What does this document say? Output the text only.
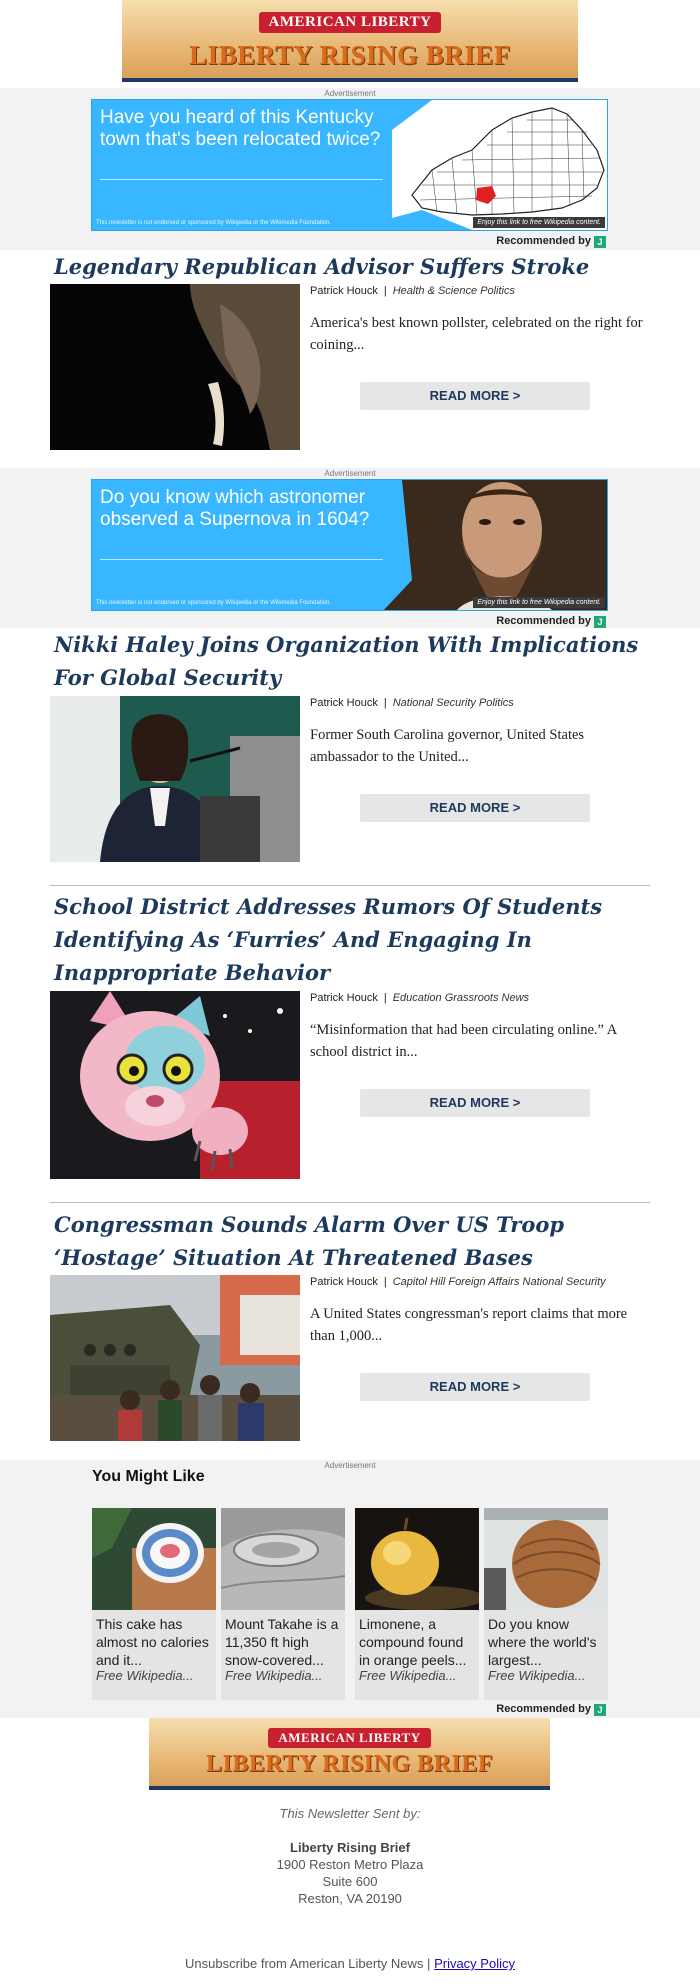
AMERICAN LIBERTY
LIBERTY RISING BRIEF
Advertisement
Have you heard of this Kentucky town that's been relocated twice?
This newsletter is not endorsed or sponsored by Wikipedia or the Wikimedia Foundation.	Enjoy this link to free Wikipedia content.
Recommended by J
Legendary Republican Advisor Suffers Stroke
Patrick Houck | Health & Science Politics
America's best known pollster, celebrated on the right for coining...
READ MORE >
Advertisement
Do you know which astronomer observed a Supernova in 1604?
This newsletter is not endorsed or sponsored by Wikipedia or the Wikimedia Foundation.	Enjoy this link to free Wikipedia content.
Recommended by J
Nikki Haley Joins Organization With Implications For Global Security
Patrick Houck | National Security Politics
Former South Carolina governor, United States ambassador to the United...
READ MORE >
School District Addresses Rumors Of Students Identifying As ‘Furries’ And Engaging In Inappropriate Behavior
Patrick Houck | Education Grassroots News
“Misinformation that had been circulating online.” A school district in...
READ MORE >
Congressman Sounds Alarm Over US Troop ‘Hostage’ Situation At Threatened Bases
Patrick Houck | Capitol Hill Foreign Affairs National Security
A United States congressman's report claims that more than 1,000...
READ MORE >
Advertisement
You Might Like
This cake has almost no calories and it...
Free Wikipedia...
Mount Takahe is a 11,350 ft high snow-covered...
Free Wikipedia...
Limonene, a compound found in orange peels...
Free Wikipedia...
Do you know where the world's largest...
Free Wikipedia...
Recommended by J
AMERICAN LIBERTY
LIBERTY RISING BRIEF
This Newsletter Sent by:
Liberty Rising Brief
1900 Reston Metro Plaza
Suite 600
Reston, VA 20190
Unsubscribe from American Liberty News | Privacy Policy
